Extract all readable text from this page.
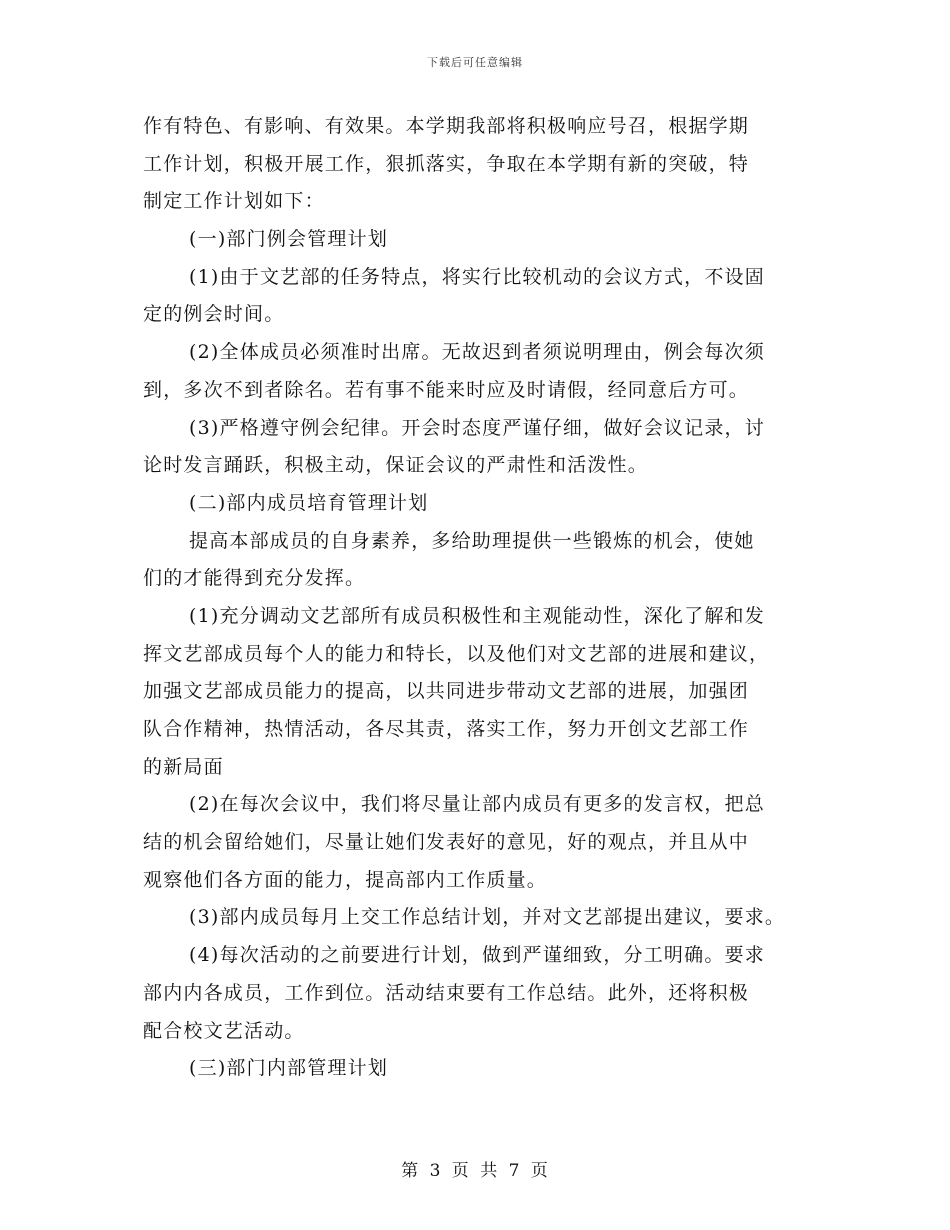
下载后可任意编辑
作有特色、有影响、有效果。本学期我部将积极响应号召，根据学期
工作计划，积极开展工作，狠抓落实，争取在本学期有新的突破，特
制定工作计划如下：
(一)部门例会管理计划
(1)由于文艺部的任务特点，将实行比较机动的会议方式，不设固
定的例会时间。
(2)全体成员必须准时出席。无故迟到者须说明理由，例会每次须
到，多次不到者除名。若有事不能来时应及时请假，经同意后方可。
(3)严格遵守例会纪律。开会时态度严谨仔细，做好会议记录，讨
论时发言踊跃，积极主动，保证会议的严肃性和活泼性。
(二)部内成员培育管理计划
提高本部成员的自身素养，多给助理提供一些锻炼的机会，使她
们的才能得到充分发挥。
(1)充分调动文艺部所有成员积极性和主观能动性，深化了解和发
挥文艺部成员每个人的能力和特长，以及他们对文艺部的进展和建议，
加强文艺部成员能力的提高，以共同进步带动文艺部的进展，加强团
队合作精神，热情活动，各尽其责，落实工作，努力开创文艺部工作
的新局面
(2)在每次会议中，我们将尽量让部内成员有更多的发言权，把总
结的机会留给她们，尽量让她们发表好的意见，好的观点，并且从中
观察他们各方面的能力，提高部内工作质量。
(3)部内成员每月上交工作总结计划，并对文艺部提出建议，要求。
(4)每次活动的之前要进行计划，做到严谨细致，分工明确。要求
部内内各成员，工作到位。活动结束要有工作总结。此外，还将积极
配合校文艺活动。
(三)部门内部管理计划
第 3 页 共 7 页
